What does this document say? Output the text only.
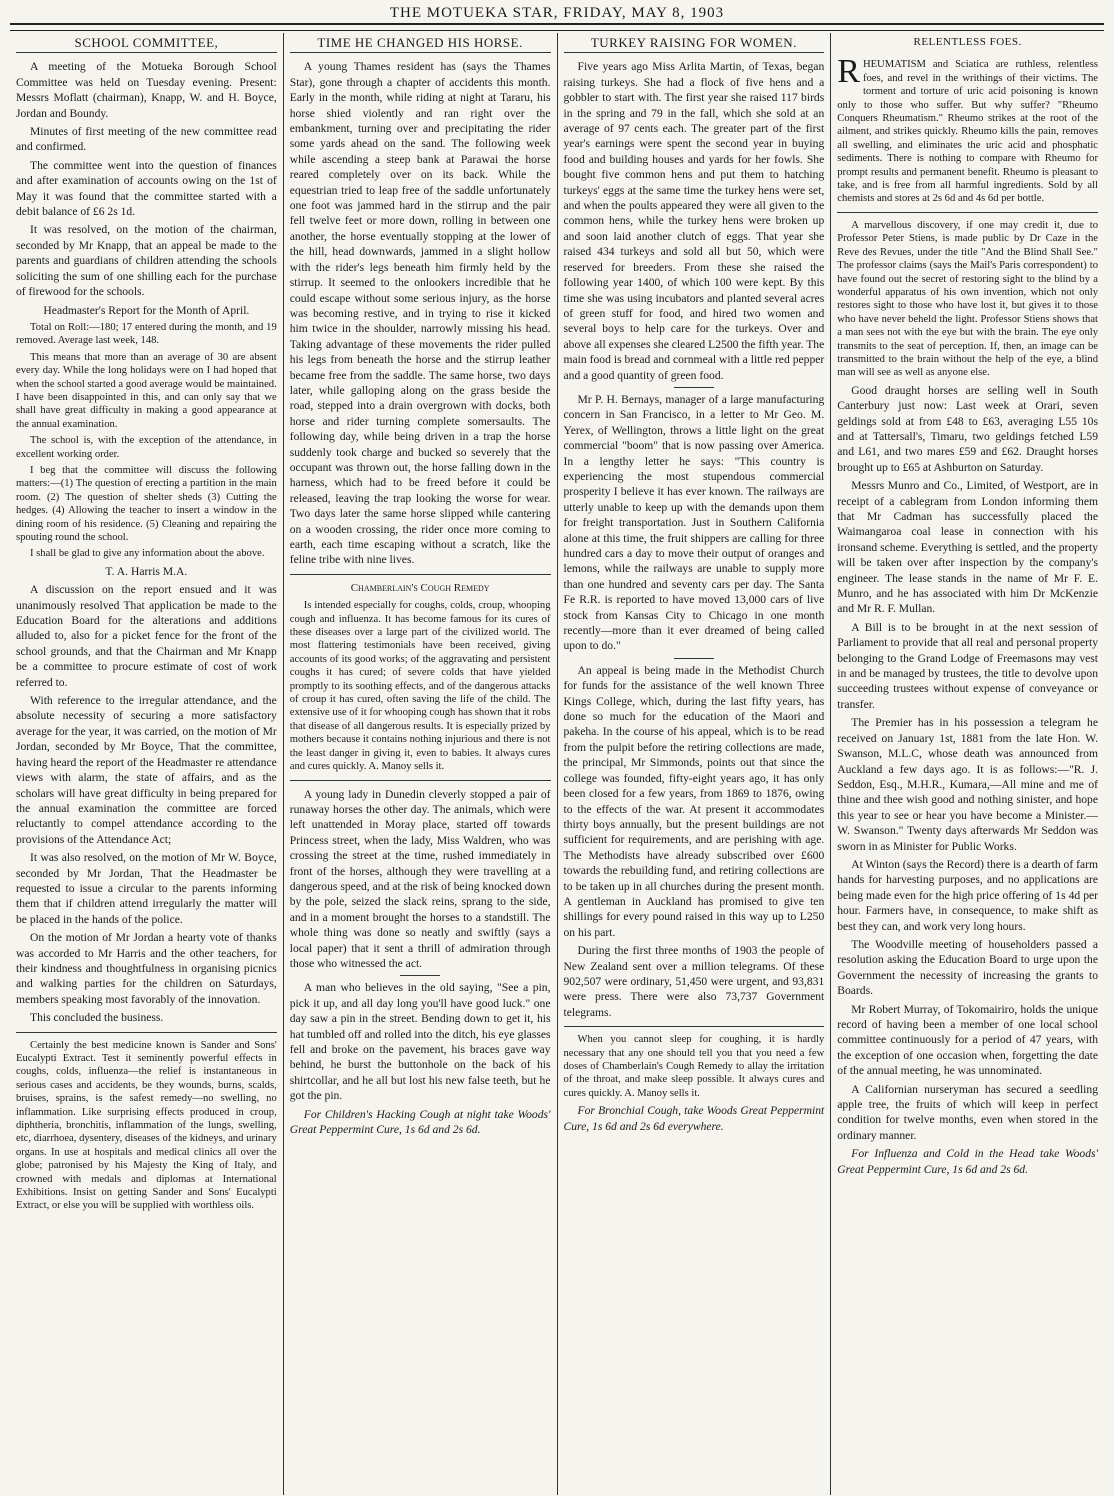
THE MOTUEKA STAR, FRIDAY, MAY 8, 1903
SCHOOL COMMITTEE,

A meeting of the Motueka Borough School Committee was held on Tuesday evening. Present: Messrs Moflatt (chairman), Knapp, W. and H. Boyce, Jordan and Boundy.

Minutes of first meeting of the new committee read and confirmed.

The committee went into the question of finances and after examination of accounts owing on the 1st of May it was found that the committee started with a debit balance of £6 2s 1d.

It was resolved, on the motion of the chairman, seconded by Mr Knapp, that an appeal be made to the parents and guardians of children attending the schools soliciting the sum of one shilling each for the purchase of firewood for the schools.

Headmaster's Report for the Month of April.

Total on Roll:—180; 17 entered during the month, and 19 removed. Average last week, 148.

This means that more than an average of 30 are absent every day. While the long holidays were on I had hoped that when the school started a good average would be maintained. I have been disappointed in this, and can only say that we shall have great difficulty in making a good appearance at the annual examination.

The school is, with the exception of the attendance, in excellent working order.

I beg that the committee will discuss the following matters:—(1) The question of erecting a partition in the main room. (2) The question of shelter sheds (3) Cutting the hedges. (4) Allowing the teacher to insert a window in the dining room of his residence. (5) Cleaning and repairing the spouting round the school.

I shall be glad to give any information about the above.

T. A. Harris M.A.

A discussion on the report ensued and it was unanimously resolved That application be made to the Education Board for the alterations and additions alluded to, also for a picket fence for the front of the school grounds, and that the Chairman and Mr Knapp be a committee to procure estimate of cost of work referred to.

With reference to the irregular attendance, and the absolute necessity of securing a more satisfactory average for the year, it was carried, on the motion of Mr Jordan, seconded by Mr Boyce, That the committee, having heard the report of the Headmaster re attendance views with alarm, the state of affairs, and as the scholars will have great difficulty in being prepared for the annual examination the committee are forced reluctantly to compel attendance according to the provisions of the Attendance Act;

It was also resolved, on the motion of Mr W. Boyce, seconded by Mr Jordan, That the Headmaster be requested to issue a circular to the parents informing them that if children attend irregularly the matter will be placed in the hands of the police.

On the motion of Mr Jordan a hearty vote of thanks was accorded to Mr Harris and the other teachers, for their kindness and thoughtfulness in organising picnics and walking parties for the children on Saturdays, members speaking most favorably of the innovation.

This concluded the business.

Certainly the best medicine known is Sander and Sons' Eucalypti Extract. Test it seminently powerful effects in coughs, colds, influenza—the relief is instantaneous in serious cases and accidents, be they wounds, burns, scalds, bruises, sprains, is the safest remedy—no swelling, no inflammation. Like surprising effects produced in croup, diphtheria, bronchitis, inflammation of the lungs, swelling, etc, diarrhoea, dysentery, diseases of the kidneys, and urinary organs. In use at hospitals and medical clinics all over the globe; patronised by his Majesty the King of Italy, and crowned with medals and diplomas at International Exhibitions. Insist on getting Sander and Sons' Eucalypti Extract, or else you will be supplied with worthless oils.

TIME HE CHANGED HIS HORSE.

A young Thames resident has (says the Thames Star), gone through a chapter of accidents this month. Early in the month, while riding at night at Tararu, his horse shied violently and ran right over the embankment, turning over and precipitating the rider some yards ahead on the sand. The following week while ascending a steep bank at Parawai the horse reared completely over on its back. While the equestrian tried to leap free of the saddle unfortunately one foot was jammed hard in the stirrup and the pair fell twelve feet or more down, rolling in between one another, the horse eventually stopping at the lower of the hill, head downwards, jammed in a slight hollow with the rider's legs beneath him firmly held by the stirrup. It seemed to the onlookers incredible that he could escape without some serious injury, as the horse was becoming restive, and in trying to rise it kicked him twice in the shoulder, narrowly missing his head. Taking advantage of these movements the rider pulled his legs from beneath the horse and the stirrup leather became free from the saddle. The same horse, two days later, while galloping along on the grass beside the road, stepped into a drain overgrown with docks, both horse and rider turning complete somersaults. The following day, while being driven in a trap the horse suddenly took charge and bucked so severely that the occupant was thrown out, the horse falling down in the harness, which had to be freed before it could be released, leaving the trap looking the worse for wear. Two days later the same horse slipped while cantering on a wooden crossing, the rider once more coming to earth, each time escaping without a scratch, like the feline tribe with nine lives.

Chamberlain's Cough Remedy

Is intended especially for coughs, colds, croup, whooping cough and influenza. It has become famous for its cures of these diseases over a large part of the civilized world. The most flattering testimonials have been received, giving accounts of its good works; of the aggravating and persistent coughs it has cured; of severe colds that have yielded promptly to its soothing effects, and of the dangerous attacks of croup it has cured, often saving the life of the child. The extensive use of it for whooping cough has shown that it robs that disease of all dangerous results. It is especially prized by mothers because it contains nothing injurious and there is not the least danger in giving it, even to babies. It always cures and cures quickly. A. Manoy sells it.

A young lady in Dunedin cleverly stopped a pair of runaway horses the other day. The animals, which were left unattended in Moray place, started off towards Princess street, when the lady, Miss Waldren, who was crossing the street at the time, rushed immediately in front of the horses, although they were travelling at a dangerous speed, and at the risk of being knocked down by the pole, seized the slack reins, sprang to the side, and in a moment brought the horses to a standstill. The whole thing was done so neatly and swiftly (says a local paper) that it sent a thrill of admiration through those who witnessed the act.

A man who believes in the old saying, "See a pin, pick it up, and all day long you'll have good luck." one day saw a pin in the street. Bending down to get it, his hat tumbled off and rolled into the ditch, his eye glasses fell and broke on the pavement, his braces gave way behind, he burst the buttonhole on the back of his shirtcollar, and he all but lost his new false teeth, but he got the pin.

For Children's Hacking Cough at night take Woods' Great Peppermint Cure, 1s 6d and 2s 6d.

TURKEY RAISING FOR WOMEN.

Five years ago Miss Arlita Martin, of Texas, began raising turkeys. She had a flock of five hens and a gobbler to start with. The first year she raised 117 birds in the spring and 79 in the fall, which she sold at an average of 97 cents each. The greater part of the first year's earnings were spent the second year in buying food and building houses and yards for her fowls. She bought five common hens and put them to hatching turkeys' eggs at the same time the turkey hens were set, and when the poults appeared they were all given to the common hens, while the turkey hens were broken up and soon laid another clutch of eggs. That year she raised 434 turkeys and sold all but 50, which were reserved for breeders. From these she raised the following year 1400, of which 100 were kept. By this time she was using incubators and planted several acres of green stuff for food, and hired two women and several boys to help care for the turkeys. Over and above all expenses she cleared L2500 the fifth year. The main food is bread and cornmeal with a little red pepper and a good quantity of green food.

Mr P. H. Bernays, manager of a large manufacturing concern in San Francisco, in a letter to Mr Geo. M. Yerex, of Wellington, throws a little light on the great commercial "boom" that is now passing over America. In a lengthy letter he says: "This country is experiencing the most stupendous commercial prosperity I believe it has ever known. The railways are utterly unable to keep up with the demands upon them for freight transportation. Just in Southern California alone at this time, the fruit shippers are calling for three hundred cars a day to move their output of oranges and lemons, while the railways are unable to supply more than one hundred and seventy cars per day. The Santa Fe R.R. is reported to have moved 13,000 cars of live stock from Kansas City to Chicago in one month recently—more than it ever dreamed of being called upon to do."

An appeal is being made in the Methodist Church for funds for the assistance of the well known Three Kings College, which, during the last fifty years, has done so much for the education of the Maori and pakeha. In the course of his appeal, which is to be read from the pulpit before the retiring collections are made, the principal, Mr Simmonds, points out that since the college was founded, fifty-eight years ago, it has only been closed for a few years, from 1869 to 1876, owing to the effects of the war. At present it accommodates thirty boys annually, but the present buildings are not sufficient for requirements, and are perishing with age. The Methodists have already subscribed over £600 towards the rebuilding fund, and retiring collections are to be taken up in all churches during the present month. A gentleman in Auckland has promised to give ten shillings for every pound raised in this way up to L250 on his part.

During the first three months of 1903 the people of New Zealand sent over a million telegrams. Of these 902,507 were ordinary, 51,450 were urgent, and 93,831 were press. There were also 73,737 Government telegrams.

When you cannot sleep for coughing, it is hardly necessary that any one should tell you that you need a few doses of Chamberlain's Cough Remedy to allay the irritation of the throat, and make sleep possible. It always cures and cures quickly. A. Manoy sells it.

For Bronchial Cough, take Woods Great Peppermint Cure, 1s 6d and 2s 6d everywhere.

RELENTLESS FOES.

RHEUMATISM and Sciatica are ruthless, relentless foes, and revel in the writhings of their victims. The torment and torture of uric acid poisoning is known only to those who suffer. But why suffer? "Rheumo Conquers Rheumatism." Rheumo strikes at the root of the ailment, and strikes quickly. Rheumo kills the pain, removes all swelling, and eliminates the uric acid and phosphatic sediments. There is nothing to compare with Rheumo for prompt results and permanent benefit. Rheumo is pleasant to take, and is free from all harmful ingredients. Sold by all chemists and stores at 2s 6d and 4s 6d per bottle.

A marvellous discovery, if one may credit it, due to Professor Peter Stiens, is made public by Dr Caze in the Reve des Revues, under the title "And the Blind Shall See." The professor claims (says the Mail's Paris correspondent) to have found out the secret of restoring sight to the blind by a wonderful apparatus of his own invention, which not only restores sight to those who have lost it, but gives it to those who have never beheld the light. Professor Stiens shows that a man sees not with the eye but with the brain. The eye only transmits to the seat of perception. If, then, an image can be transmitted to the brain without the help of the eye, a blind man will see as well as anyone else.

Good draught horses are selling well in South Canterbury just now: Last week at Orari, seven geldings sold at from £48 to £63, averaging L55 10s and at Tattersall's, Timaru, two geldings fetched L59 and L61, and two mares £59 and £62. Draught horses brought up to £65 at Ashburton on Saturday.

Messrs Munro and Co., Limited, of Westport, are in receipt of a cablegram from London informing them that Mr Cadman has successfully placed the Waimangaroa coal lease in connection with his ironsand scheme. Everything is settled, and the property will be taken over after inspection by the company's engineer. The lease stands in the name of Mr F. E. Munro, and he has associated with him Dr McKenzie and Mr R. F. Mullan.

A Bill is to be brought in at the next session of Parliament to provide that all real and personal property belonging to the Grand Lodge of Freemasons may vest in and be managed by trustees, the title to devolve upon succeeding trustees without expense of conveyance or transfer.

The Premier has in his possession a telegram he received on January 1st, 1881 from the late Hon. W. Swanson, M.L.C, whose death was announced from Auckland a few days ago. It is as follows:—"R. J. Seddon, Esq., M.H.R., Kumara,—All mine and me of thine and thee wish good and nothing sinister, and hope this year to see or hear you have become a Minister.—W. Swanson." Twenty days afterwards Mr Seddon was sworn in as Minister for Public Works.

At Winton (says the Record) there is a dearth of farm hands for harvesting purposes, and no applications are being made even for the high price offering of 1s 4d per hour. Farmers have, in consequence, to make shift as best they can, and work very long hours.

The Woodville meeting of householders passed a resolution asking the Education Board to urge upon the Government the necessity of increasing the grants to Boards.

Mr Robert Murray, of Tokomairiro, holds the unique record of having been a member of one local school committee continuously for a period of 47 years, with the exception of one occasion when, forgetting the date of the annual meeting, he was unnominated.

A Californian nurseryman has secured a seedling apple tree, the fruits of which will keep in perfect condition for twelve months, even when stored in the ordinary manner.

For Influenza and Cold in the Head take Woods' Great Peppermint Cure, 1s 6d and 2s 6d.
